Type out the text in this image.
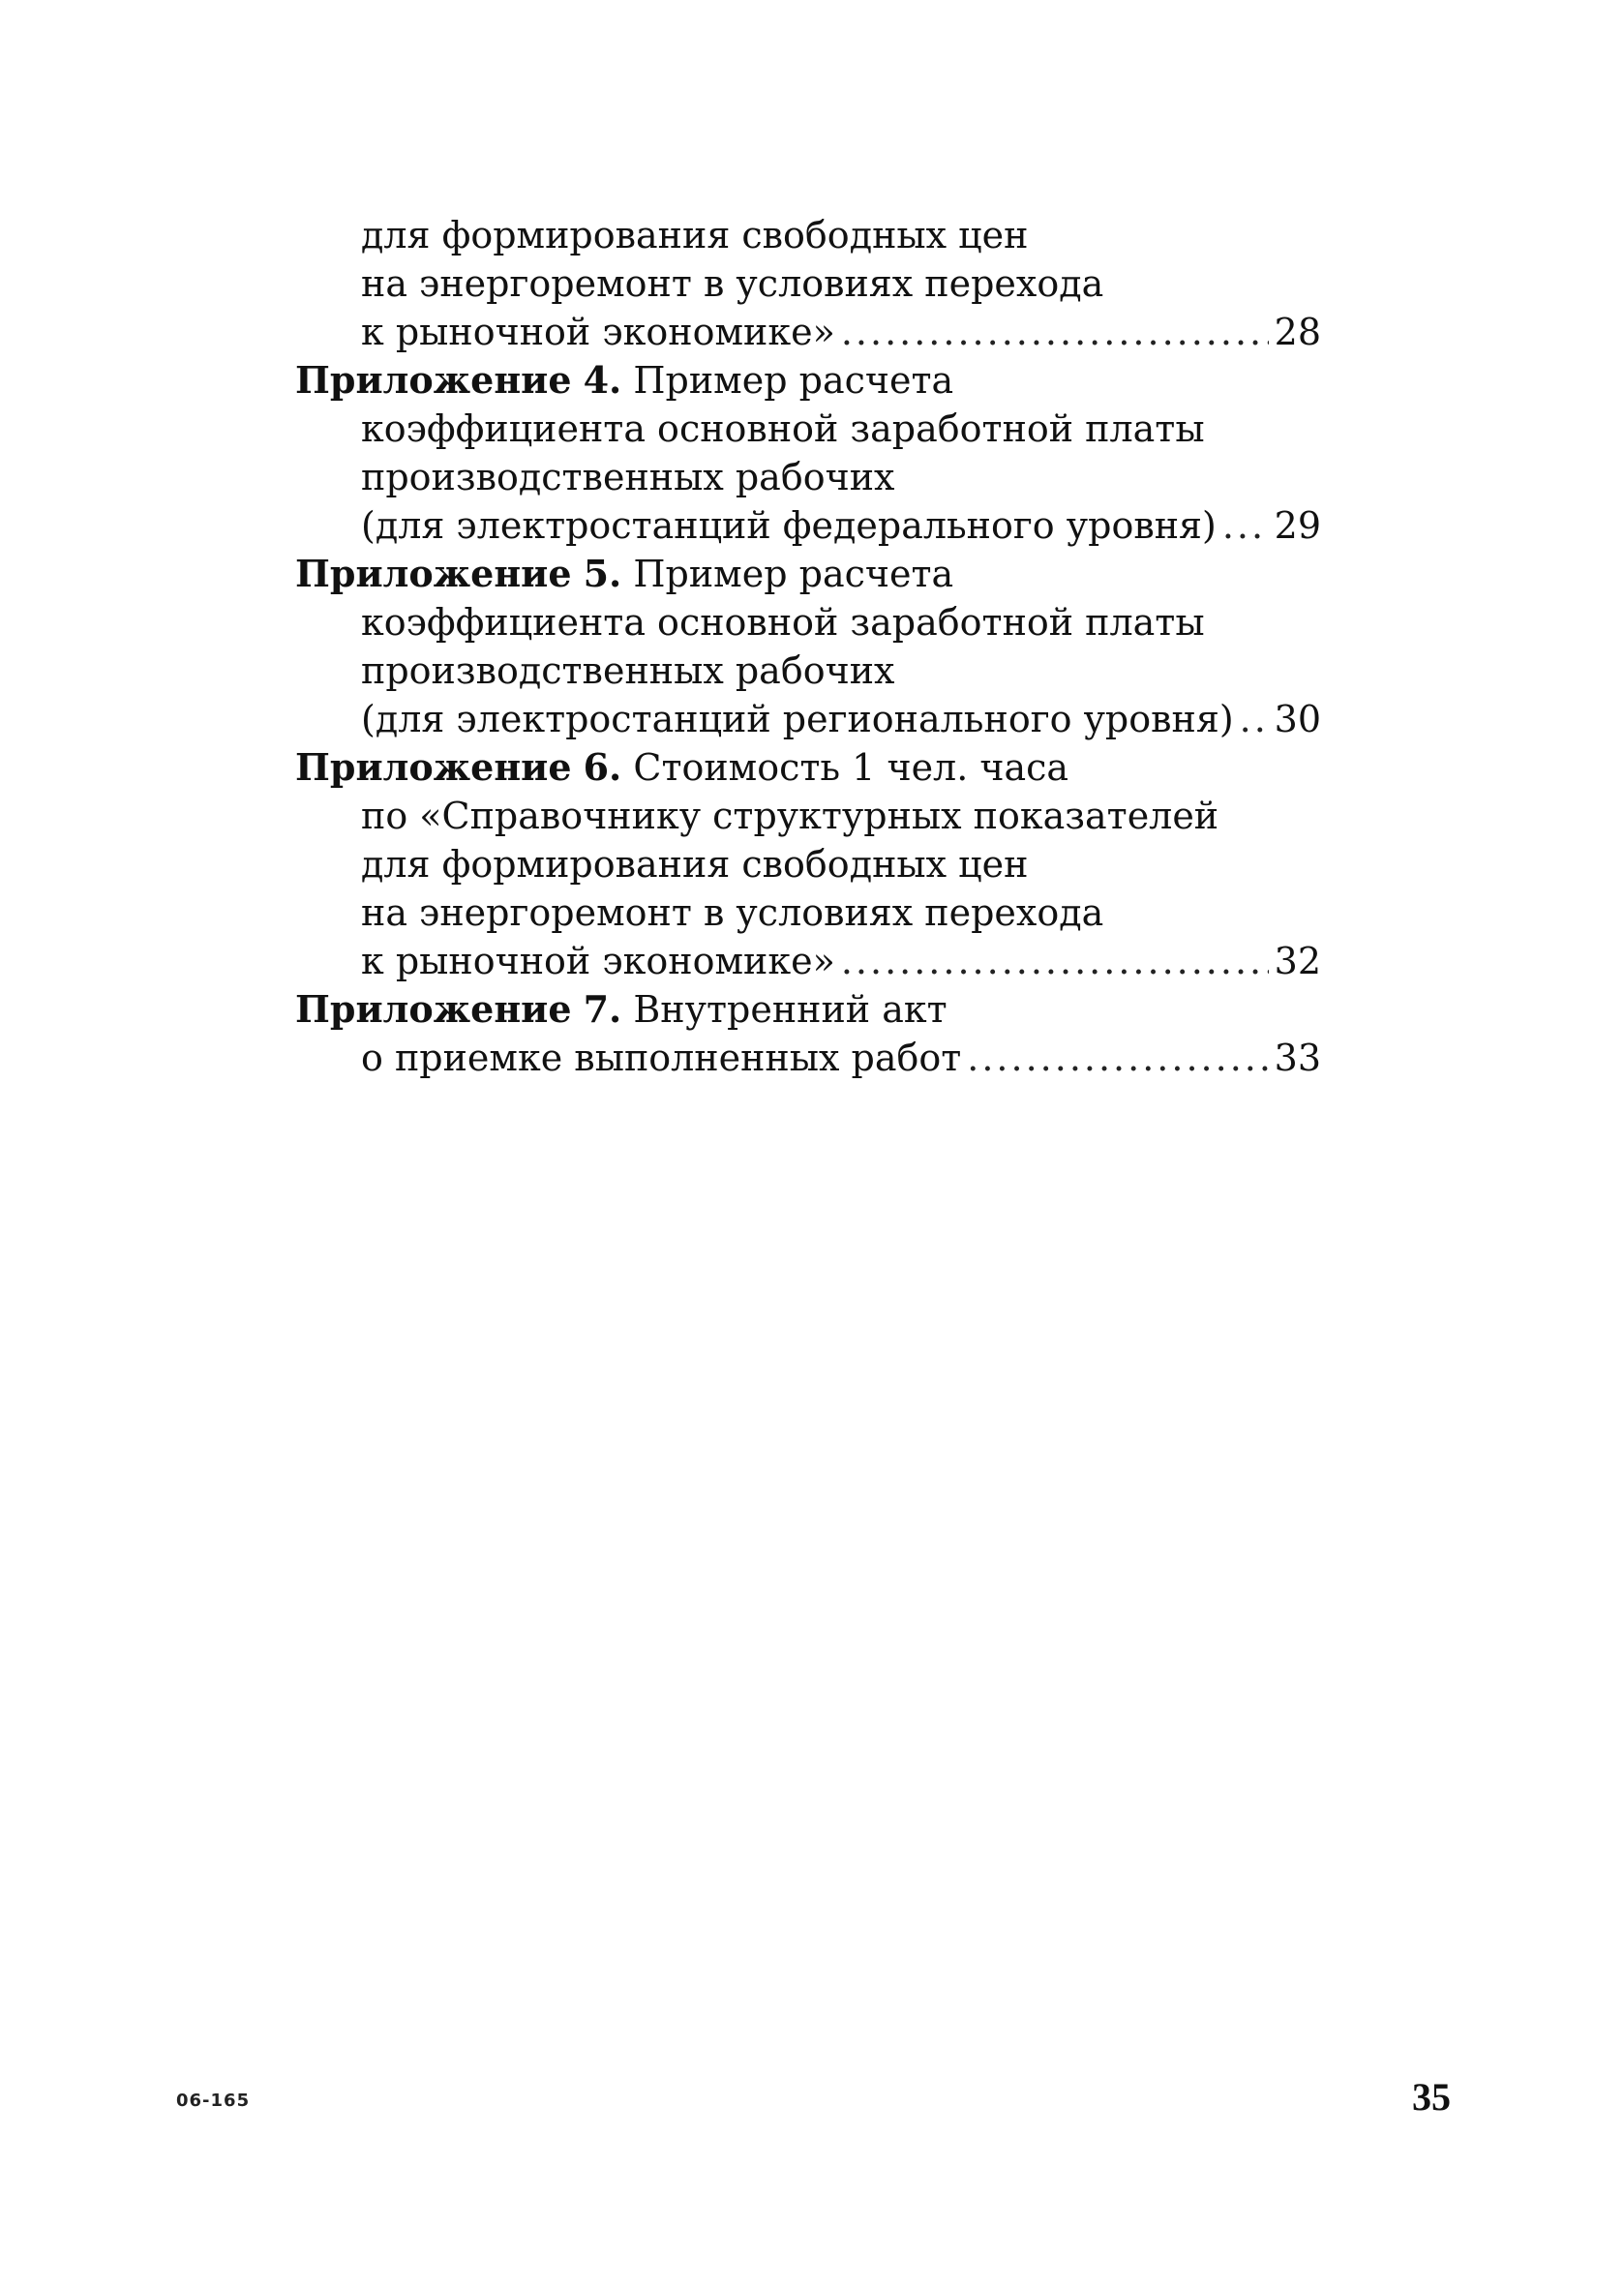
для формирования свободных цен
на энергоремонт в условиях перехода
к рыночной экономике» .....	28
Приложение
4.
Пример расчета
коэффициента основной заработной платы
производственных рабочих
(для электростанций федерального уровня) ..... 29
Приложение
5.
Пример расчета
коэффициента основной заработной платы
производственных рабочих
(для электростанций регионального уровня) ..... 30
Приложение
6.
Стоимость 1 чел. часа
по «Справочнику структурных показателей
для формирования свободных цен
на энергоремонт в условиях перехода
к рыночной экономике» .....	32
Приложение
7.
Внутренний акт
о приемке выполненных работ .....	33
06-165	35
